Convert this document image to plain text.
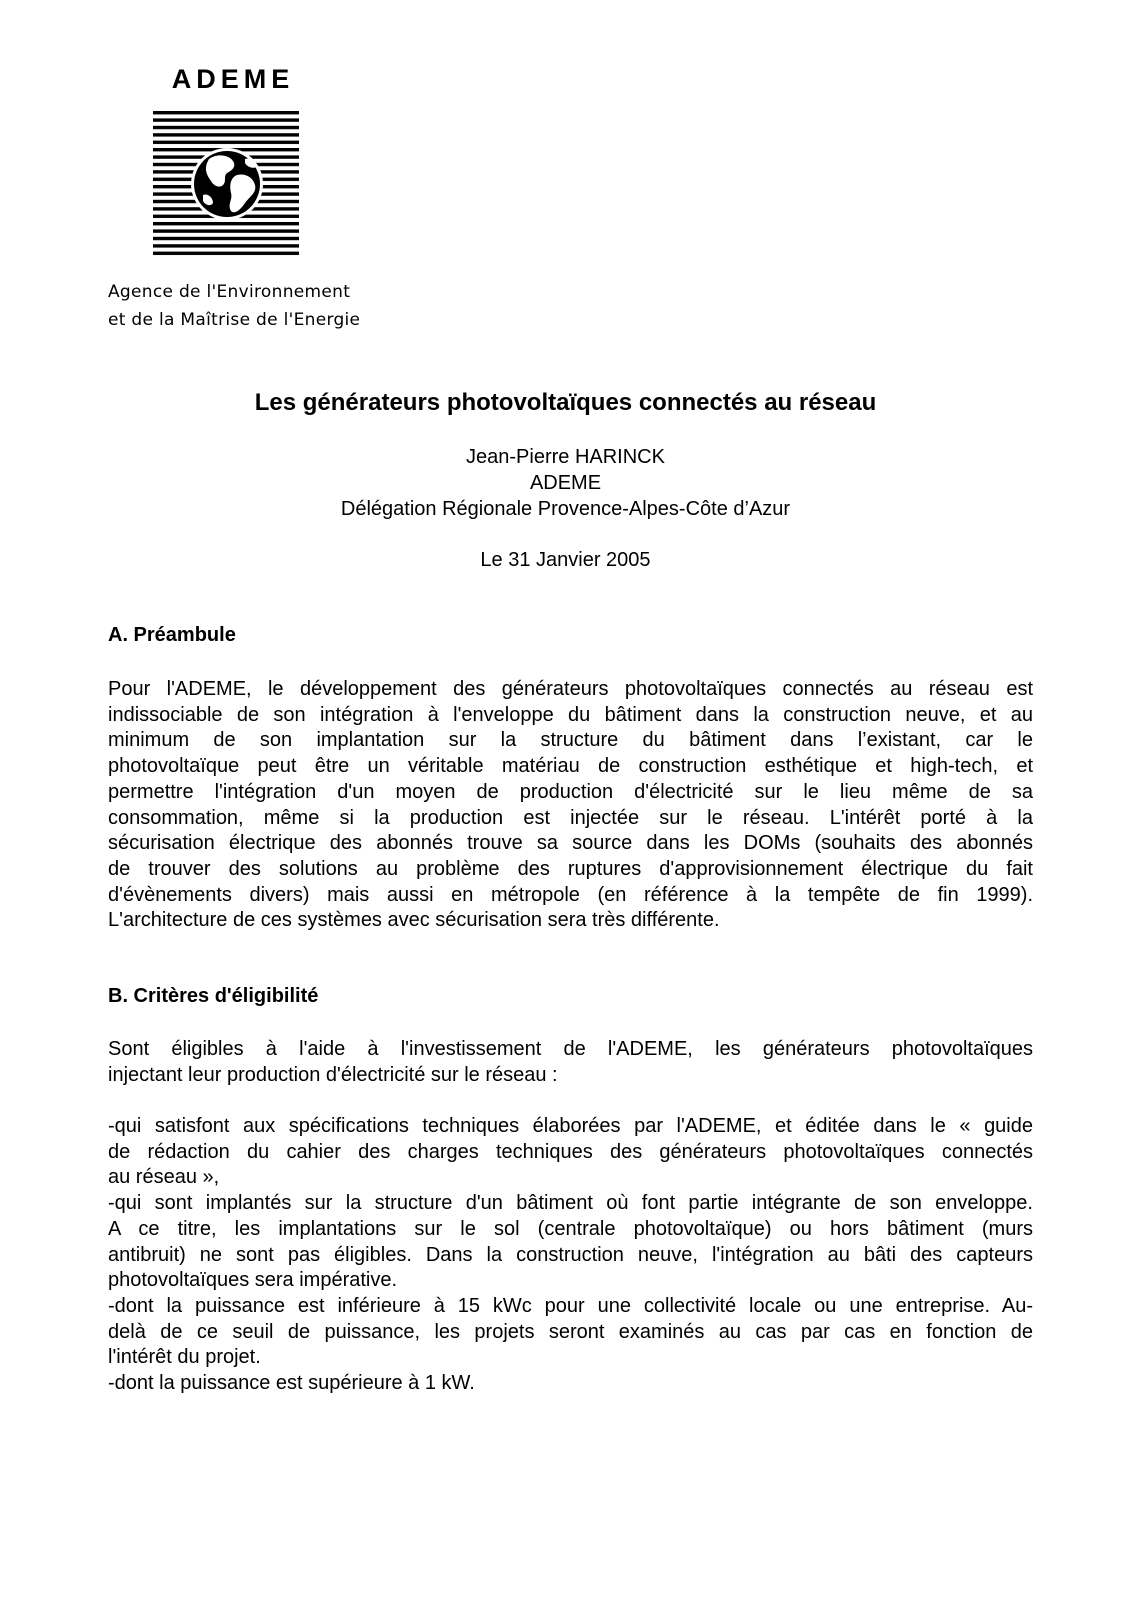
ADEME
Agence de l'Environnement
et de la Maîtrise de l'Energie
Les générateurs photovoltaïques connectés au réseau
Jean-Pierre HARINCK
ADEME
Délégation Régionale Provence-Alpes-Côte d’Azur
Le 31 Janvier 2005
A. Préambule
Pour l'ADEME, le développement des générateurs photovoltaïques connectés au réseau est
indissociable de son intégration à l'enveloppe du bâtiment dans la construction neuve, et au
minimum de son implantation sur la structure du bâtiment dans l’existant, car le
photovoltaïque peut être un véritable matériau de construction esthétique et high-tech, et
permettre l'intégration d'un moyen de production d'électricité sur le lieu même de sa
consommation, même si la production est injectée sur le réseau. L'intérêt porté à la
sécurisation électrique des abonnés trouve sa source dans les DOMs (souhaits des abonnés
de trouver des solutions au problème des ruptures d'approvisionnement électrique du fait
d'évènements divers) mais aussi en métropole (en référence à la tempête de fin 1999).
L'architecture de ces systèmes avec sécurisation sera très différente.
B. Critères d'éligibilité
Sont éligibles à l'aide à l'investissement de l'ADEME, les générateurs photovoltaïques
injectant leur production d'électricité sur le réseau :
-qui satisfont aux spécifications techniques élaborées par l'ADEME, et éditée dans le « guide
de rédaction du cahier des charges techniques des générateurs photovoltaïques connectés
au réseau »,
-qui sont implantés sur la structure d'un bâtiment où font partie intégrante de son enveloppe.
A ce titre, les implantations sur le sol (centrale photovoltaïque) ou hors bâtiment (murs
antibruit) ne sont pas éligibles. Dans la construction neuve, l'intégration au bâti des capteurs
photovoltaïques sera impérative.
-dont la puissance est inférieure à 15 kWc pour une collectivité locale ou une entreprise. Au-
delà de ce seuil de puissance, les projets seront examinés au cas par cas en fonction de
l'intérêt du projet.
-dont la puissance est supérieure à 1 kW.
